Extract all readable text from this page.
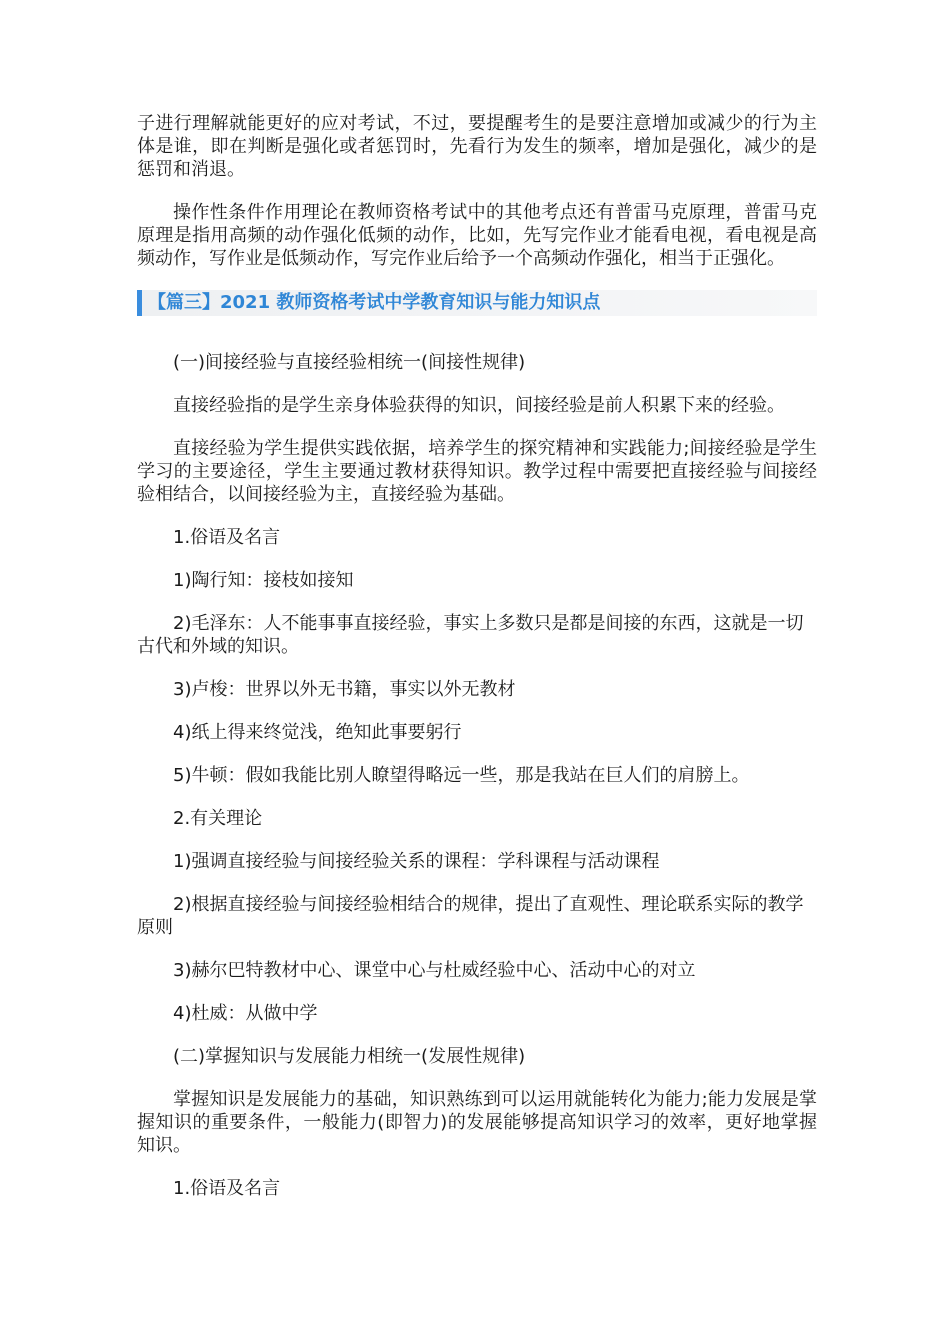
子进行理解就能更好的应对考试，不过，要提醒考生的是要注意增加或减少的行为主体是谁，即在判断是强化或者惩罚时，先看行为发生的频率，增加是强化，减少的是惩罚和消退。

操作性条件作用理论在教师资格考试中的其他考点还有普雷马克原理，普雷马克原理是指用高频的动作强化低频的动作，比如，先写完作业才能看电视，看电视是高频动作，写作业是低频动作，写完作业后给予一个高频动作强化，相当于正强化。

【篇三】2021 教师资格考试中学教育知识与能力知识点

(一)间接经验与直接经验相统一(间接性规律)

直接经验指的是学生亲身体验获得的知识，间接经验是前人积累下来的经验。

直接经验为学生提供实践依据，培养学生的探究精神和实践能力;间接经验是学生学习的主要途径，学生主要通过教材获得知识。教学过程中需要把直接经验与间接经验相结合，以间接经验为主，直接经验为基础。

1.俗语及名言

1)陶行知：接枝如接知

2)毛泽东：人不能事事直接经验，事实上多数只是都是间接的东西，这就是一切古代和外域的知识。

3)卢梭：世界以外无书籍，事实以外无教材

4)纸上得来终觉浅，绝知此事要躬行

5)牛顿：假如我能比别人瞭望得略远一些，那是我站在巨人们的肩膀上。

2.有关理论

1)强调直接经验与间接经验关系的课程：学科课程与活动课程

2)根据直接经验与间接经验相结合的规律，提出了直观性、理论联系实际的教学原则

3)赫尔巴特教材中心、课堂中心与杜威经验中心、活动中心的对立

4)杜威：从做中学

(二)掌握知识与发展能力相统一(发展性规律)

掌握知识是发展能力的基础，知识熟练到可以运用就能转化为能力;能力发展是掌握知识的重要条件，一般能力(即智力)的发展能够提高知识学习的效率，更好地掌握知识。

1.俗语及名言
